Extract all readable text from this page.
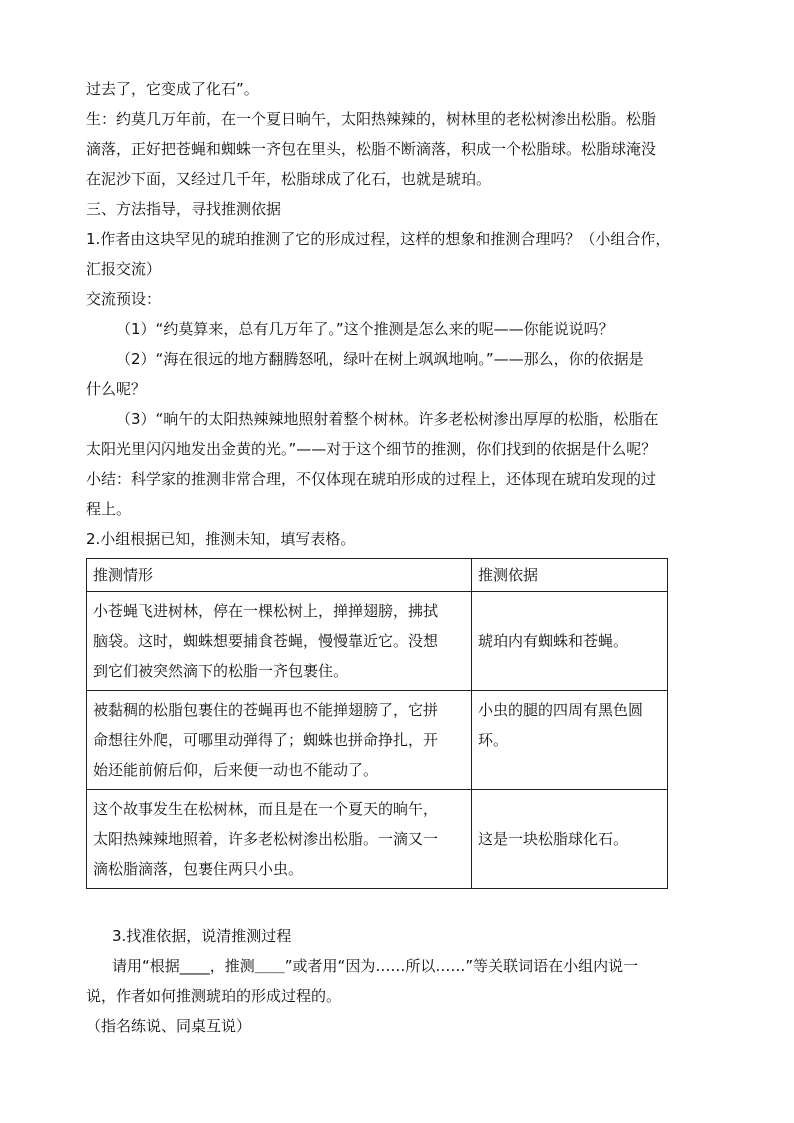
过去了，它变成了化石”。
生：约莫几万年前，在一个夏日晌午，太阳热辣辣的，树林里的老松树渗出松脂。松脂
滴落，正好把苍蝇和蜘蛛一齐包在里头，松脂不断滴落，积成一个松脂球。松脂球淹没
在泥沙下面，又经过几千年，松脂球成了化石，也就是琥珀。
三、方法指导，寻找推测依据
1.作者由这块罕见的琥珀推测了它的形成过程，这样的想象和推测合理吗？（小组合作，
汇报交流）
交流预设：
（1）“约莫算来，总有几万年了。”这个推测是怎么来的呢——你能说说吗？
（2）“海在很远的地方翻腾怒吼，绿叶在树上飒飒地响。”——那么，你的依据是
什么呢？
（3）“晌午的太阳热辣辣地照射着整个树林。许多老松树渗出厚厚的松脂，松脂在
太阳光里闪闪地发出金黄的光。”——对于这个细节的推测，你们找到的依据是什么呢？
小结：科学家的推测非常合理，不仅体现在琥珀形成的过程上，还体现在琥珀发现的过
程上。
2.小组根据已知，推测未知，填写表格。
推测情形	推测依据

小苍蝇飞进树林，停在一棵松树上，掸掸翅膀，拂拭
脑袋。这时，蜘蛛想要捕食苍蝇，慢慢靠近它。没想
到它们被突然滴下的松脂一齐包裹住。	琥珀内有蜘蛛和苍蝇。

被黏稠的松脂包裹住的苍蝇再也不能掸翅膀了，它拼
命想往外爬，可哪里动弹得了；蜘蛛也拼命挣扎，开
始还能前俯后仰，后来便一动也不能动了。	小虫的腿的四周有黑色圆
环。

这个故事发生在松树林，而且是在一个夏天的晌午，
太阳热辣辣地照着，许多老松树渗出松脂。一滴又一
滴松脂滴落，包裹住两只小虫。	这是一块松脂球化石。
3.找准依据，说清推测过程
请用“根据____，推测＿＿”或者用“因为……所以……”等关联词语在小组内说一
说，作者如何推测琥珀的形成过程的。
（指名练说、同桌互说）
